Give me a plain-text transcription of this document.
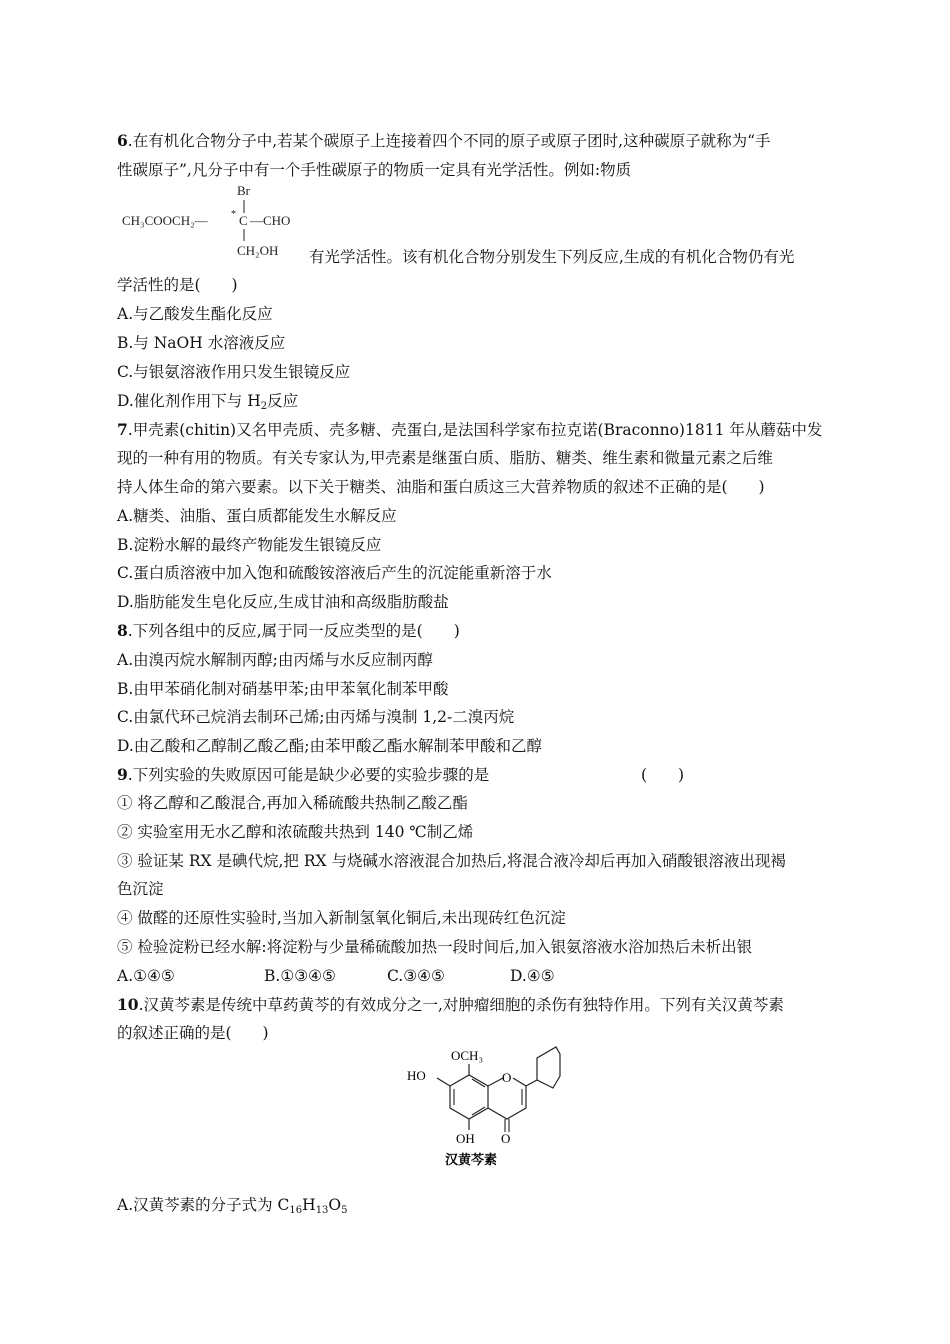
6.在有机化合物分子中,若某个碳原子上连接着四个不同的原子或原子团时,这种碳原子就称为“手
性碳原子”,凡分子中有一个手性碳原子的物质一定具有光学活性。例如:物质
Br
CH₃COOCH₂— * C —CHO
CH₂OH 有光学活性。该有机化合物分别发生下列反应,生成的有机化合物仍有光
学活性的是(　　)
A.与乙酸发生酯化反应
B.与 NaOH 水溶液反应
C.与银氨溶液作用只发生银镜反应
D.催化剂作用下与 $H_2$反应
7.甲壳素(chitin)又名甲壳质、壳多糖、壳蛋白,是法国科学家布拉克诺(Braconno)1811 年从蘑菇中发
现的一种有用的物质。有关专家认为,甲壳素是继蛋白质、脂肪、糖类、维生素和微量元素之后维
持人体生命的第六要素。以下关于糖类、油脂和蛋白质这三大营养物质的叙述不正确的是(　　)
A.糖类、油脂、蛋白质都能发生水解反应
B.淀粉水解的最终产物能发生银镜反应
C.蛋白质溶液中加入饱和硫酸铵溶液后产生的沉淀能重新溶于水
D.脂肪能发生皂化反应,生成甘油和高级脂肪酸盐
8.下列各组中的反应,属于同一反应类型的是(　　)
A.由溴丙烷水解制丙醇;由丙烯与水反应制丙醇
B.由甲苯硝化制对硝基甲苯;由甲苯氧化制苯甲酸
C.由氯代环己烷消去制环己烯;由丙烯与溴制 1,2-二溴丙烷
D.由乙酸和乙醇制乙酸乙酯;由苯甲酸乙酯水解制苯甲酸和乙醇
9.下列实验的失败原因可能是缺少必要的实验步骤的是	(　　)
① 将乙醇和乙酸混合,再加入稀硫酸共热制乙酸乙酯
② 实验室用无水乙醇和浓硫酸共热到 140 ℃制乙烯
③ 验证某 RX 是碘代烷,把 RX 与烧碱水溶液混合加热后,将混合液冷却后再加入硝酸银溶液出现褐
色沉淀
④ 做醛的还原性实验时,当加入新制氢氧化铜后,未出现砖红色沉淀
⑤ 检验淀粉已经水解:将淀粉与少量稀硫酸加热一段时间后,加入银氨溶液水浴加热后未析出银
A.①④⑤	B.①③④⑤	C.③④⑤	D.④⑤
10.汉黄芩素是传统中草药黄芩的有效成分之一,对肿瘤细胞的杀伤有独特作用。下列有关汉黄芩素
的叙述正确的是(　　)
OCH₃
HO	O
OH O
汉黄芩素
A.汉黄芩素的分子式为 $C_{16}H_{13}O_5$
